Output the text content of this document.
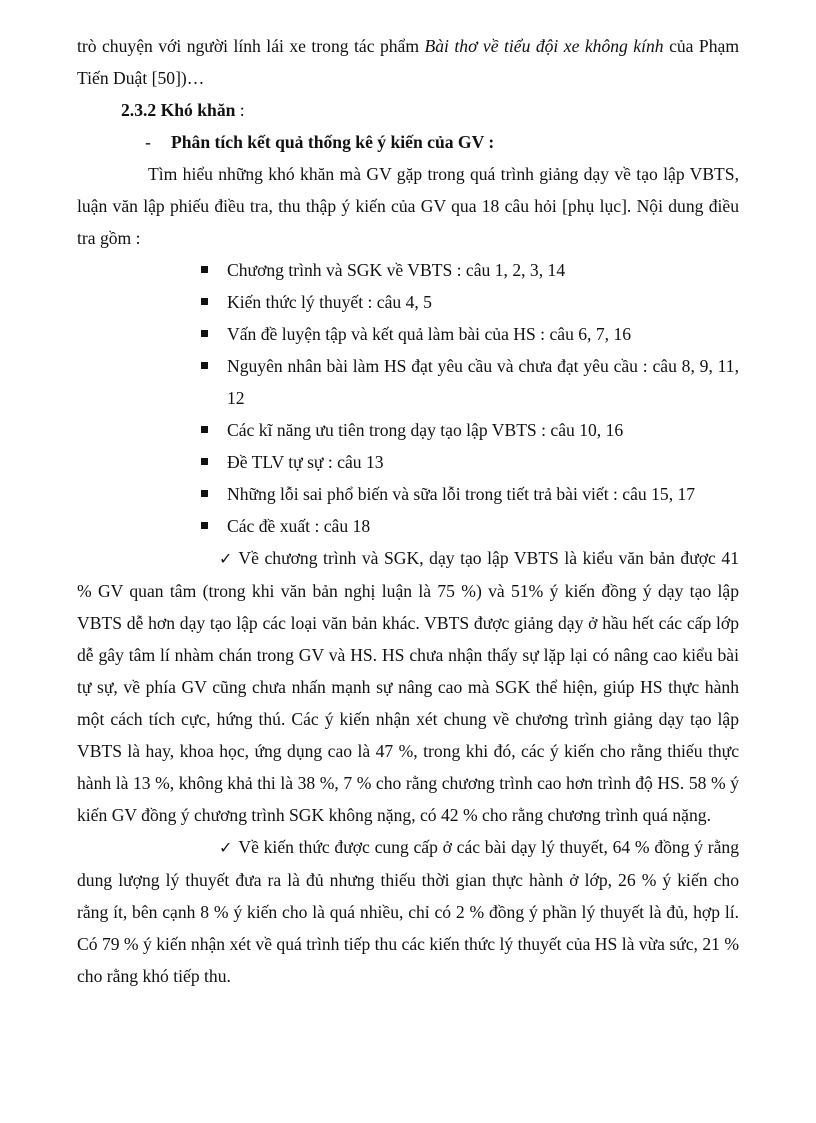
trò chuyện với người lính lái xe trong tác phẩm Bài thơ về tiểu đội xe không kính của Phạm Tiến Duật [50])…

2.3.2 Khó khăn :

-	Phân tích kết quả thống kê ý kiến của GV :

Tìm hiểu những khó khăn mà GV gặp trong quá trình giảng dạy về tạo lập VBTS, luận văn lập phiếu điều tra, thu thập ý kiến của GV qua 18 câu hỏi [phụ lục]. Nội dung điều tra gồm :

Chương trình và SGK về VBTS : câu 1, 2, 3, 14
Kiến thức lý thuyết : câu 4, 5
Vấn đề luyện tập và kết quả làm bài của HS : câu 6, 7, 16
Nguyên nhân bài làm HS đạt yêu cầu và chưa đạt yêu cầu : câu 8, 9, 11, 12
Các kĩ năng ưu tiên trong dạy tạo lập VBTS : câu 10, 16
Đề TLV tự sự : câu 13
Những lỗi sai phổ biến và sữa lỗi trong tiết trả bài viết : câu 15, 17
Các đề xuất : câu 18

✓ Về chương trình và SGK, dạy tạo lập VBTS là kiểu văn bản được 41 % GV quan tâm (trong khi văn bản nghị luận là 75 %) và 51% ý kiến đồng ý dạy tạo lập VBTS dễ hơn dạy tạo lập các loại văn bản khác. VBTS được giảng dạy ở hầu hết các cấp lớp dễ gây tâm lí nhàm chán trong GV và HS. HS chưa nhận thấy sự lặp lại có nâng cao kiểu bài tự sự, về phía GV cũng chưa nhấn mạnh sự nâng cao mà SGK thể hiện, giúp HS thực hành một cách tích cực, hứng thú. Các ý kiến nhận xét chung về chương trình giảng dạy tạo lập VBTS là hay, khoa học, ứng dụng cao là 47 %, trong khi đó, các ý kiến cho rằng thiếu thực hành là 13 %, không khả thi là 38 %, 7 % cho rằng chương trình cao hơn trình độ HS. 58 % ý kiến GV đồng ý chương trình SGK không nặng, có 42 % cho rằng chương trình quá nặng.

✓ Về kiến thức được cung cấp ở các bài dạy lý thuyết, 64 % đồng ý rằng dung lượng lý thuyết đưa ra là đủ nhưng thiếu thời gian thực hành ở lớp, 26 % ý kiến cho rằng ít, bên cạnh 8 % ý kiến cho là quá nhiều, chỉ có 2 % đồng ý phần lý thuyết là đủ, hợp lí. Có 79 % ý kiến nhận xét về quá trình tiếp thu các kiến thức lý thuyết của HS là vừa sức, 21 % cho rằng khó tiếp thu.
